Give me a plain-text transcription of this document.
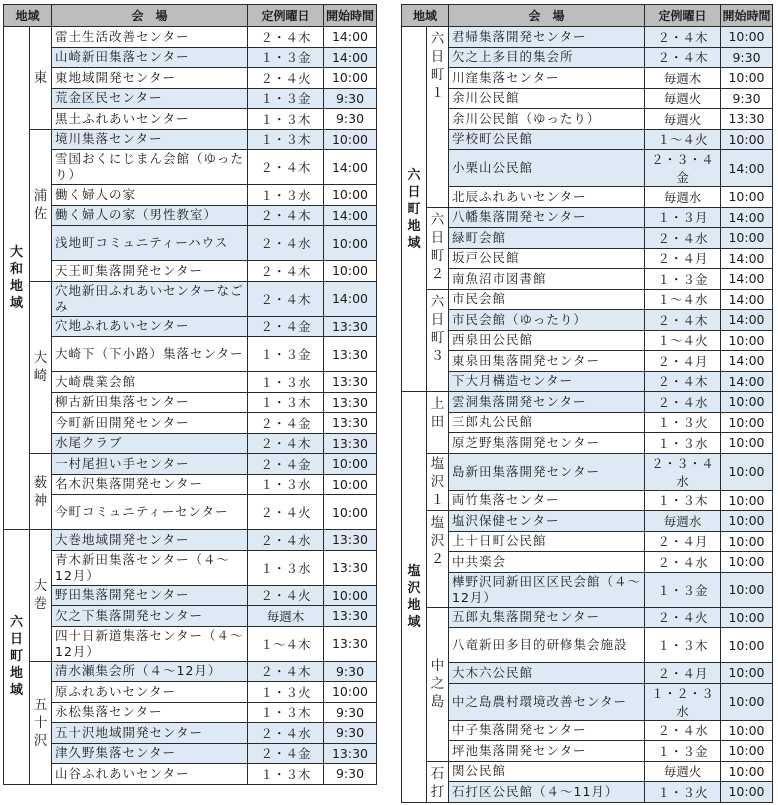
地域		会　場	定例曜日	開始時間
大
和
地
域	東	雷土生活改善センター	２・４木	14:00
		山崎新田集落センター	１・３金	14:00
		東地域開発センター	２・４火	10:00
		荒金区民センター	１・３金	9:30
		黒土ふれあいセンター	１・３木	9:30
	浦
佐	境川集落センター	１・３木	10:00
		雪国おくにじまん会館（ゆったり）	２・４木	14:00
		働く婦人の家	１・３水	10:00
		働く婦人の家（男性教室）	２・４木	14:00
		浅地町コミュニティーハウス	２・４水	10:00
		天王町集落開発センター	２・４木	10:00
	大
崎	穴地新田ふれあいセンターなごみ	２・４木	14:00
		穴地ふれあいセンター	２・４金	13:30
		大崎下（下小路）集落センター	１・３金	13:30
		大崎農業会館	１・３水	13:30
		柳古新田集落センター	１・３木	13:30
		今町新田開発センター	２・４金	13:30
		水尾クラブ	２・４木	13:30
	薮
神	一村尾担い手センター	２・４金	10:00
		名木沢集落開発センター	１・３水	10:00
		今町コミュニティーセンター	２・４火	10:00
六
日
町
地
域	大
巻	大巻地域開発センター	２・４水	13:30
		青木新田集落センター（４～12月）	１・３水	13:30
		野田集落開発センター	２・４火	10:00
		欠之下集落開発センター	毎週木	13:30
		四十日新道集落センター（４～12月）	１～４木	13:30
	五
十
沢	清水瀬集会所（４～12月）	２・４木	9:30
		原ふれあいセンター	１・３火	10:00
		永松集落センター	１・３木	9:30
		五十沢地域開発センター	２・４水	9:30
		津久野集落センター	２・４金	13:30
		山谷ふれあいセンター	１・３木	9:30
地域		会　場	定例曜日	開始時間
六
日
町
地
域	六
日
町
１	君帰集落開発センター	２・４木	10:00
		欠之上多目的集会所	２・４木	9:30
		川窪集落センター	毎週木	10:00
		余川公民館	毎週火	9:30
		余川公民館（ゆったり）	毎週火	13:30
		学校町公民館	１～４火	10:00
		小栗山公民館	２・３・４金	14:00
		北辰ふれあいセンター	毎週水	10:00
	六
日
町
２	八幡集落開発センター	１・３月	14:00
		緑町会館	２・４水	10:00
		坂戸公民館	２・４月	14:00
		南魚沼市図書館	１・３金	14:00
	六
日
町
３	市民会館	１～４水	14:00
		市民会館（ゆったり）	２・４木	14:00
		西泉田公民館	１～４火	10:00
		東泉田集落開発センター	２・４月	14:00
		下大月構造センター	２・４木	14:00
塩
沢
地
域	上
田	雲洞集落開発センター	２・４水	10:00
		三郎丸公民館	１・３火	10:00
		原芝野集落開発センター	１・３水	10:00
	塩
沢
１	島新田集落開発センター	２・３・４水	10:00
		両竹集落センター	１・３木	10:00
	塩
沢
２	塩沢保健センター	毎週水	10:00
		上十日町公民館	２・４月	10:00
		中共楽会	２・４水	10:00
		樺野沢同新田区区民会館（４～12月）	１・３金	10:00
	中
之
島	五郎丸集落開発センター	２・４火	10:00
		八竜新田多目的研修集会施設	１・３木	10:00
		大木六公民館	２・４月	10:00
		中之島農村環境改善センター	１・２・３水	10:00
		中子集落開発センター	２・４水	10:00
		坪池集落開発センター	１・３金	10:00
	石
打	関公民館	毎週火	10:00
		石打区公民館（４～11月）	１・３火	10:00
